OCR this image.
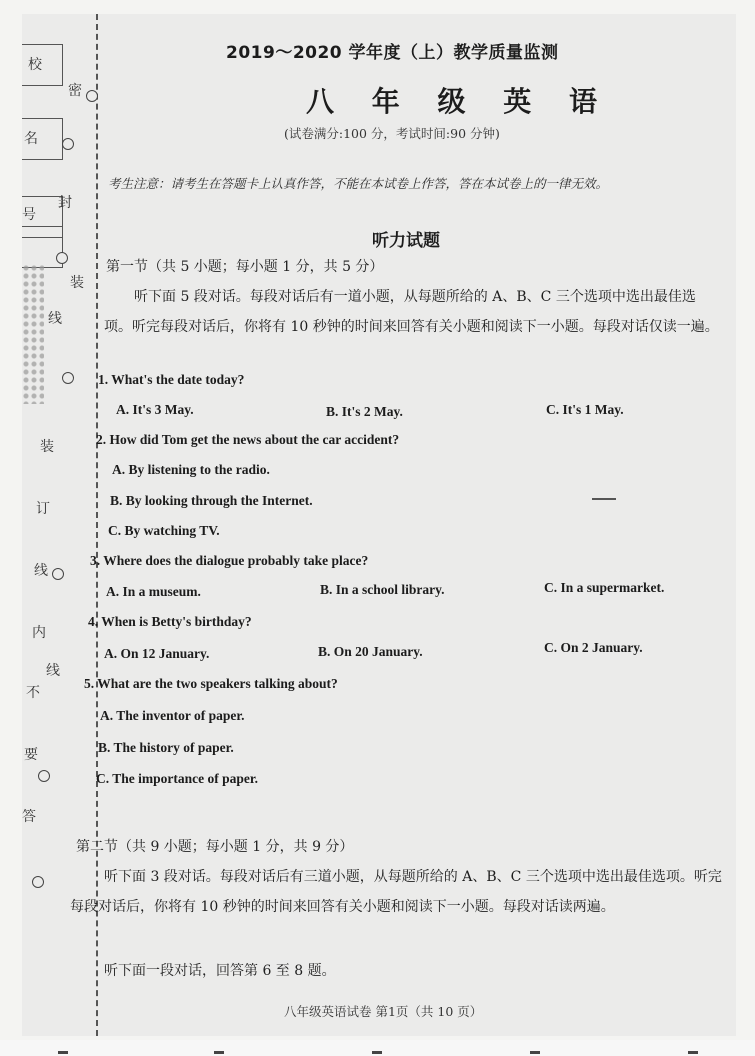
校
名
号
密
封
装
线
装
订
线
内
不
要
答
线
2019～2020 学年度（上）教学质量监测
八 年 级 英 语
(试卷满分:100 分，考试时间:90 分钟)
考生注意：请考生在答题卡上认真作答，不能在本试卷上作答，答在本试卷上的一律无效。
听力试题
第一节（共 5 小题；每小题 1 分，共 5 分）
听下面 5 段对话。每段对话后有一道小题，从每题所给的 A、B、C 三个选项中选出最佳选项。听完每段对话后，你将有 10 秒钟的时间来回答有关小题和阅读下一小题。每段对话仅读一遍。
1. What's the date today?
A. It's 3 May.	B. It's 2 May.	C. It's 1 May.
2. How did Tom get the news about the car accident?
A. By listening to the radio.
B. By looking through the Internet.
C. By watching TV.
3. Where does the dialogue probably take place?
A. In a museum.	B. In a school library.	C. In a supermarket.
4. When is Betty's birthday?
A. On 12 January.	B. On 20 January.	C. On 2 January.
5. What are the two speakers talking about?
A. The inventor of paper.
B. The history of paper.
C. The importance of paper.
第二节（共 9 小题；每小题 1 分，共 9 分）
听下面 3 段对话。每段对话后有三道小题，从每题所给的 A、B、C 三个选项中选出最佳选项。听完每段对话后，你将有 10 秒钟的时间来回答有关小题和阅读下一小题。每段对话读两遍。
听下面一段对话，回答第 6 至 8 题。
八年级英语试卷 第1页（共 10 页）
